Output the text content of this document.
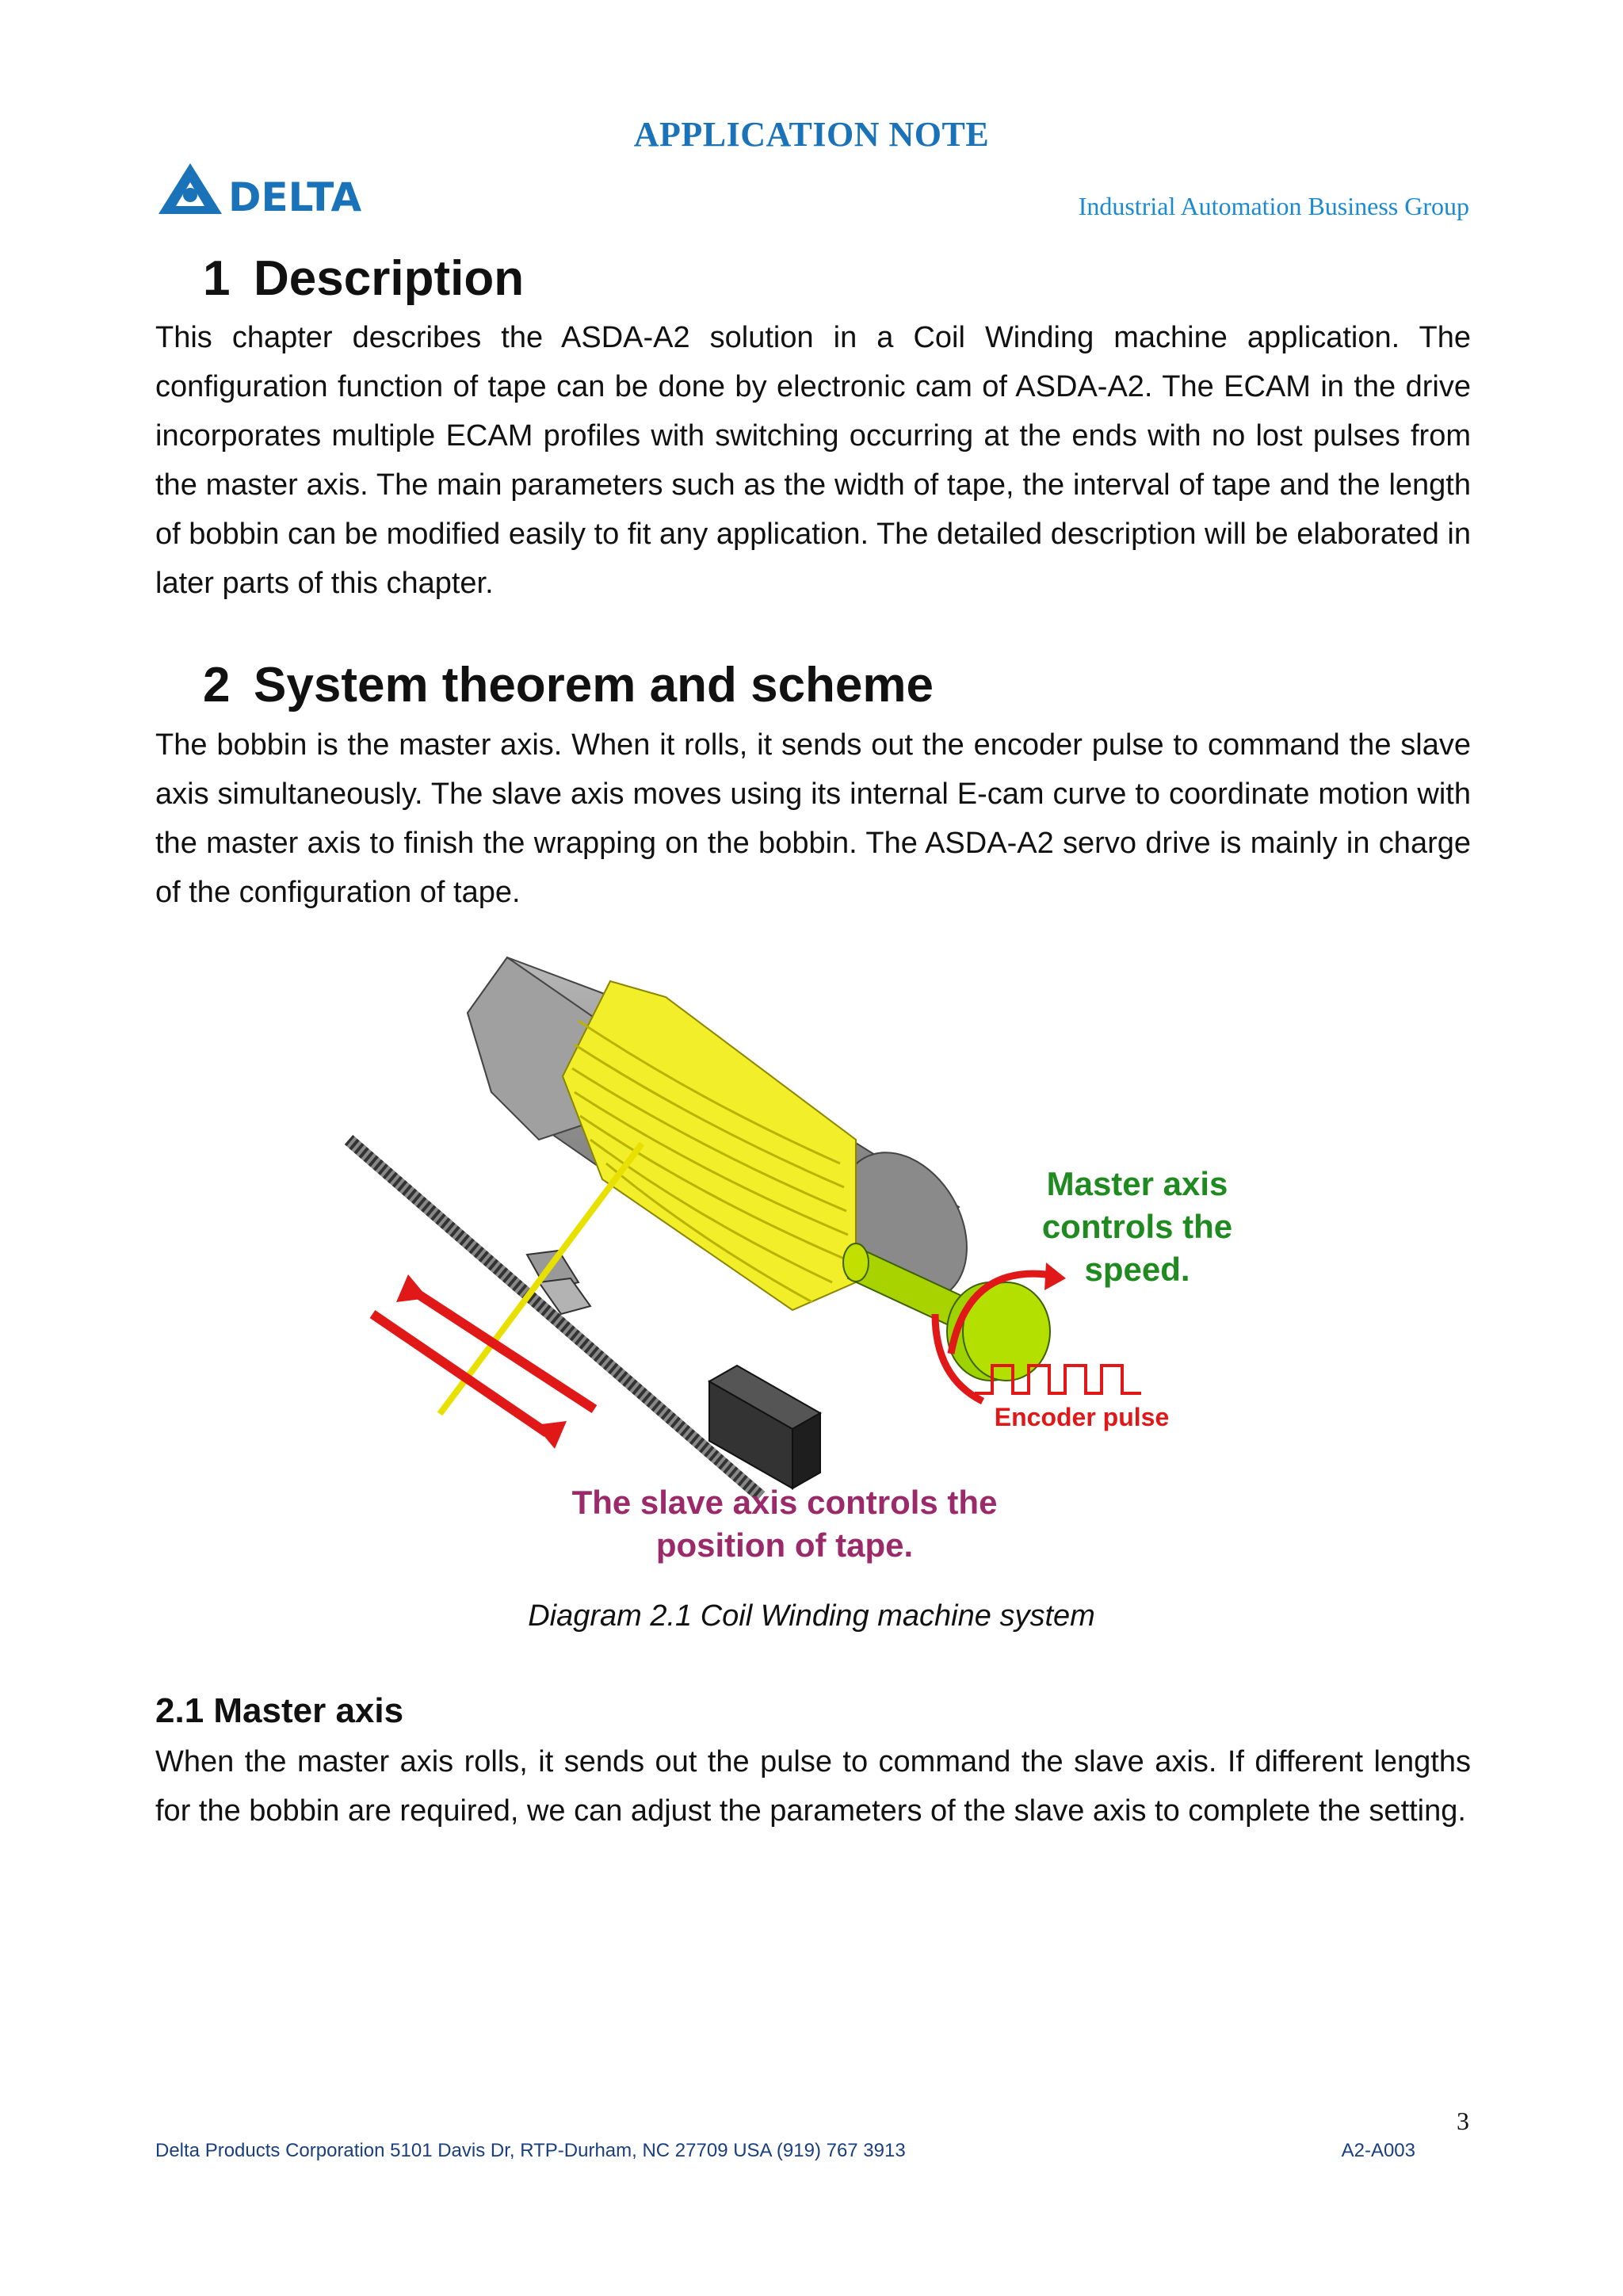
APPLICATION NOTE
DELTA	Industrial Automation Business Group
1 Description

This chapter describes the ASDA-A2 solution in a Coil Winding machine application. The configuration function of tape can be done by electronic cam of ASDA-A2. The ECAM in the drive incorporates multiple ECAM profiles with switching occurring at the ends with no lost pulses from the master axis. The main parameters such as the width of tape, the interval of tape and the length of bobbin can be modified easily to fit any application. The detailed description will be elaborated in later parts of this chapter.

2 System theorem and scheme

The bobbin is the master axis. When it rolls, it sends out the encoder pulse to command the slave axis simultaneously. The slave axis moves using its internal E-cam curve to coordinate motion with the master axis to finish the wrapping on the bobbin. The ASDA-A2 servo drive is mainly in charge of the configuration of tape.

Master axis
controls the
speed.
Encoder pulse
The slave axis controls the
position of tape.
Diagram 2.1 Coil Winding machine system
2.1 Master axis

When the master axis rolls, it sends out the pulse to command the slave axis. If different lengths for the bobbin are required, we can adjust the parameters of the slave axis to complete the setting.

3
Delta Products Corporation 5101 Davis Dr, RTP-Durham, NC 27709 USA (919) 767 3913	A2-A003
